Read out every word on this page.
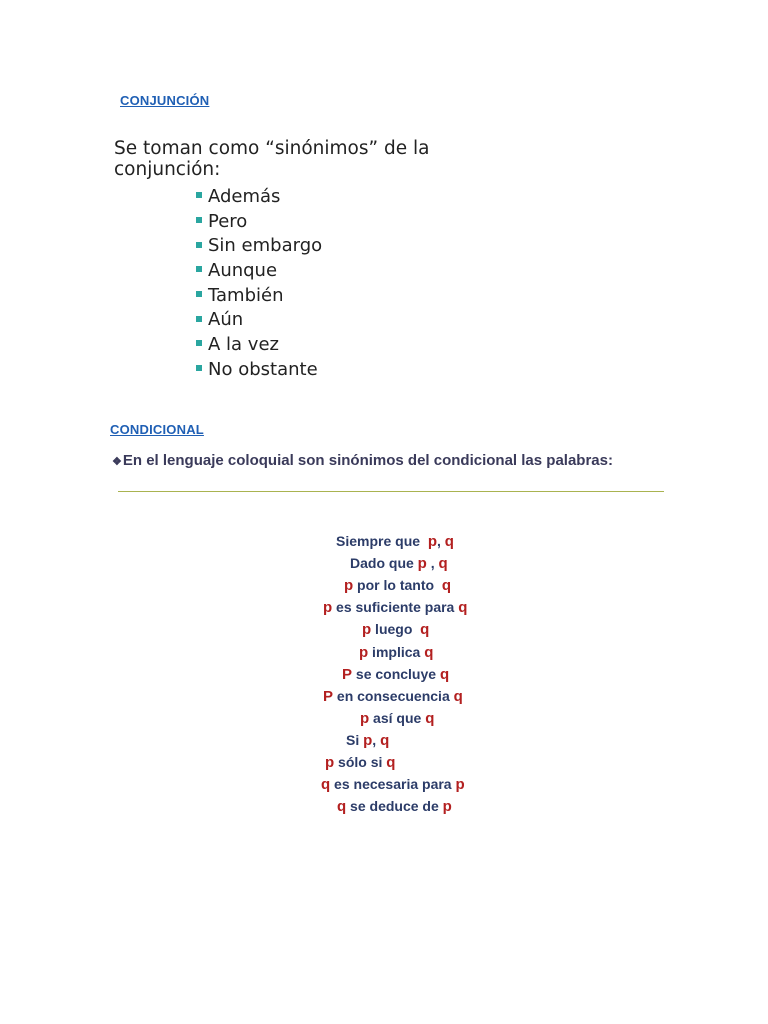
CONJUNCIÓN

Se toman como “sinónimos” de la conjunción:

Además
Pero
Sin embargo
Aunque
También
Aún
A la vez
No obstante
CONDICIONAL

❖En el lenguaje coloquial son sinónimos del condicional las palabras:

Siempre que  p, q
Dado que p , q
p por lo tanto  q
p es suficiente para q
p luego  q
p implica q
P se concluye q
P en consecuencia q
p así que q
Si p, q
p sólo si q
q es necesaria para p
q se deduce de p
